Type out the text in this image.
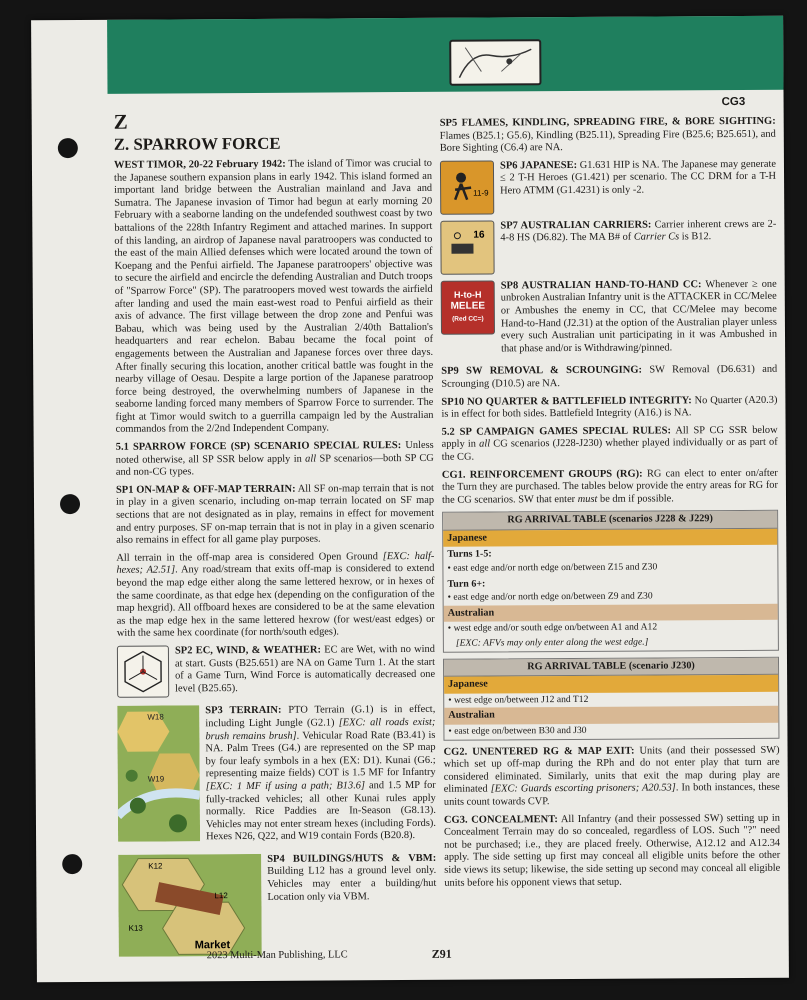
CG3
Z
Z. SPARROW FORCE

WEST TIMOR, 20-22 February 1942: The island of Timor was crucial to the Japanese southern expansion plans in early 1942. This island formed an important land bridge between the Australian mainland and Java and Sumatra. The Japanese invasion of Timor had begun at early morning 20 February with a seaborne landing on the undefended southwest coast by two battalions of the 228th Infantry Regiment and attached marines. In support of this landing, an airdrop of Japanese naval paratroopers was conducted to the east of the main Allied defenses which were located around the town of Koepang and the Penfui airfield. The Japanese paratroopers' objective was to secure the airfield and encircle the defending Australian and Dutch troops of "Sparrow Force" (SP). The paratroopers moved west towards the airfield after landing and used the main east-west road to Penfui airfield as their axis of advance. The first village between the drop zone and Penfui was Babau, which was being used by the Australian 2/40th Battalion's headquarters and rear echelon. Babau became the focal point of engagements between the Australian and Japanese forces over three days. After finally securing this location, another critical battle was fought in the nearby village of Oesau. Despite a large portion of the Japanese paratroop force being destroyed, the overwhelming numbers of Japanese in the seaborne landing forced many members of Sparrow Force to surrender. The fight at Timor would switch to a guerrilla campaign led by the Australian commandos from the 2/2nd Independent Company.

5.1 SPARROW FORCE (SP) SCENARIO SPECIAL RULES: Unless noted otherwise, all SP SSR below apply in all SP scenarios—both SP CG and non-CG types.

SP1 ON-MAP & OFF-MAP TERRAIN: All SF on-map terrain that is not in play in a given scenario, including on-map terrain located on SF map sections that are not designated as in play, remains in effect for movement and entry purposes. SF on-map terrain that is not in play in a given scenario also remains in effect for all game play purposes.

All terrain in the off-map area is considered Open Ground [EXC: half-hexes; A2.51]. Any road/stream that exits off-map is considered to extend beyond the map edge either along the same lettered hexrow, or in hexes of the same coordinate, as that edge hex (depending on the configuration of the map hexgrid). All offboard hexes are considered to be at the same elevation as the map edge hex in the same lettered hexrow (for west/east edges) or with the same hex coordinate (for north/south edges).

SP2 EC, WIND, & WEATHER: EC are Wet, with no wind at start. Gusts (B25.651) are NA on Game Turn 1. At the start of a Game Turn, Wind Force is automatically decreased one level (B25.65).

W18
W19

SP3 TERRAIN: PTO Terrain (G.1) is in effect, including Light Jungle (G2.1) [EXC: all roads exist; brush remains brush]. Vehicular Road Rate (B3.41) is NA. Palm Trees (G4.) are represented on the SP map by four leafy symbols in a hex (EX: D1). Kunai (G6.; representing maize fields) COT is 1.5 MF for Infantry [EXC: 1 MF if using a path; B13.6] and 1.5 MP for fully-tracked vehicles; all other Kunai rules apply normally. Rice Paddies are In-Season (G8.13). Vehicles may not enter stream hexes (including Fords). Hexes N26, Q22, and W19 contain Fords (B20.8).

K12
L12
K13
Market

SP4 BUILDINGS/HUTS & VBM: Building L12 has a ground level only. Vehicles may enter a building/hut Location only via VBM.

SP5 FLAMES, KINDLING, SPREADING FIRE, & BORE SIGHTING: Flames (B25.1; G5.6), Kindling (B25.11), Spreading Fire (B25.6; B25.651), and Bore Sighting (C6.4) are NA.

11-9

SP6 JAPANESE: G1.631 HIP is NA. The Japanese may generate ≤ 2 T-H Heroes (G1.421) per scenario. The CC DRM for a T-H Hero ATMM (G1.4231) is only -2.

16

SP7 AUSTRALIAN CARRIERS: Carrier inherent crews are 2-4-8 HS (D6.82). The MA B# of Carrier Cs is B12.

H-to-H
MELEE
(Red CC=)

SP8 AUSTRALIAN HAND-TO-HAND CC: Whenever ≥ one unbroken Australian Infantry unit is the ATTACKER in CC/Melee or Ambushes the enemy in CC, that CC/Melee may become Hand-to-Hand (J2.31) at the option of the Australian player unless every such Australian unit participating in it was Ambushed in that phase and/or is Withdrawing/pinned.

SP9 SW REMOVAL & SCROUNGING: SW Removal (D6.631) and Scrounging (D10.5) are NA.

SP10 NO QUARTER & BATTLEFIELD INTEGRITY: No Quarter (A20.3) is in effect for both sides. Battlefield Integrity (A16.) is NA.

5.2 SP CAMPAIGN GAMES SPECIAL RULES: All SP CG SSR below apply in all CG scenarios (J228-J230) whether played individually or as part of the CG.

CG1. REINFORCEMENT GROUPS (RG): RG can elect to enter on/after the Turn they are purchased. The tables below provide the entry areas for RG for the CG scenarios. SW that enter must be dm if possible.

RG ARRIVAL TABLE (scenarios J228 & J229)
Japanese
Turns 1-5:
• east edge and/or north edge on/between Z15 and Z30
Turn 6+:
• east edge and/or north edge on/between Z9 and Z30
Australian
• west edge and/or south edge on/between A1 and A12
[EXC: AFVs may only enter along the west edge.]
RG ARRIVAL TABLE (scenario J230)
Japanese
• west edge on/between J12 and T12
Australian
• east edge on/between B30 and J30

CG2. UNENTERED RG & MAP EXIT: Units (and their possessed SW) which set up off-map during the RPh and do not enter play that turn are considered eliminated. Similarly, units that exit the map during play are eliminated [EXC: Guards escorting prisoners; A20.53]. In both instances, these units count towards CVP.

CG3. CONCEALMENT: All Infantry (and their possessed SW) setting up in Concealment Terrain may do so concealed, regardless of LOS. Such "?" need not be purchased; i.e., they are placed freely. Otherwise, A12.12 and A12.34 apply. The side setting up first may conceal all eligible units before the other side views its setup; likewise, the side setting up second may conceal all eligible units before his opponent views that setup.

2023 Multi-Man Publishing, LLC	Z91
